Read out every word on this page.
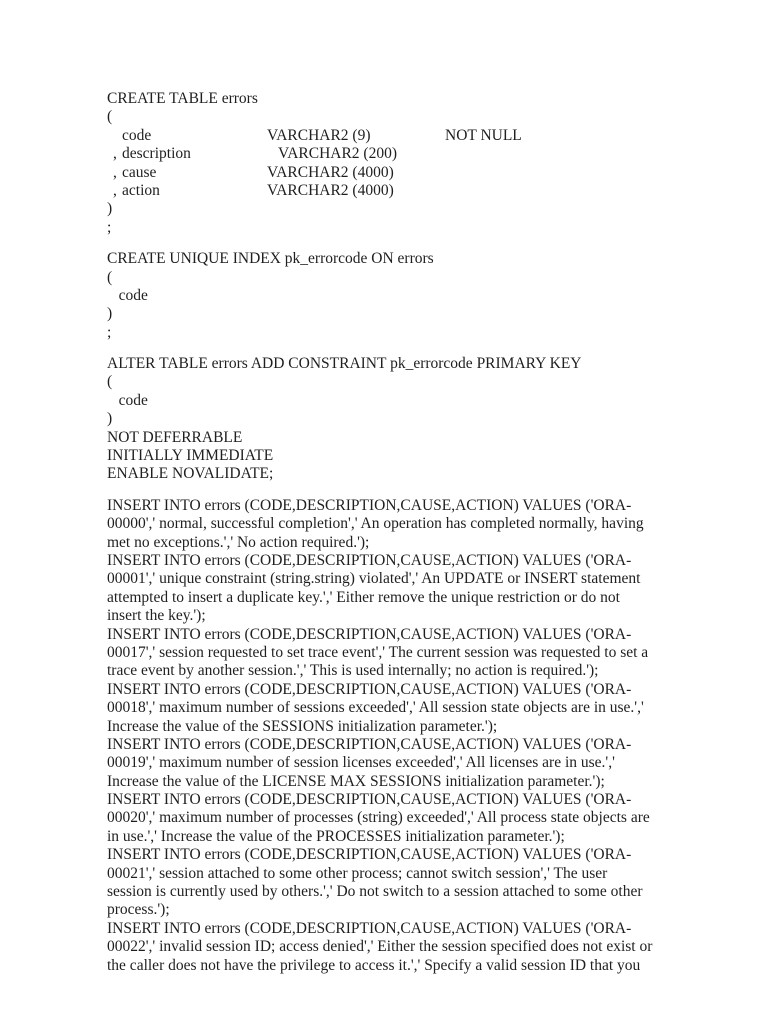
CREATE TABLE errors
(
code	VARCHAR2 (9)	NOT NULL
, description	VARCHAR2 (200)
, cause	VARCHAR2 (4000)
, action	VARCHAR2 (4000)
)
;
CREATE UNIQUE INDEX pk_errorcode ON errors
(
code
)
;
ALTER TABLE errors ADD CONSTRAINT pk_errorcode PRIMARY KEY
(
code
)
NOT DEFERRABLE
INITIALLY IMMEDIATE
ENABLE NOVALIDATE;
INSERT INTO errors (CODE,DESCRIPTION,CAUSE,ACTION) VALUES ('ORA-
00000',' normal, successful completion',' An operation has completed normally, having
met no exceptions.',' No action required.');
INSERT INTO errors (CODE,DESCRIPTION,CAUSE,ACTION) VALUES ('ORA-
00001',' unique constraint (string.string) violated',' An UPDATE or INSERT statement
attempted to insert a duplicate key.',' Either remove the unique restriction or do not
insert the key.');
INSERT INTO errors (CODE,DESCRIPTION,CAUSE,ACTION) VALUES ('ORA-
00017',' session requested to set trace event',' The current session was requested to set a
trace event by another session.',' This is used internally; no action is required.');
INSERT INTO errors (CODE,DESCRIPTION,CAUSE,ACTION) VALUES ('ORA-
00018',' maximum number of sessions exceeded',' All session state objects are in use.','
Increase the value of the SESSIONS initialization parameter.');
INSERT INTO errors (CODE,DESCRIPTION,CAUSE,ACTION) VALUES ('ORA-
00019',' maximum number of session licenses exceeded',' All licenses are in use.','
Increase the value of the LICENSE MAX SESSIONS initialization parameter.');
INSERT INTO errors (CODE,DESCRIPTION,CAUSE,ACTION) VALUES ('ORA-
00020',' maximum number of processes (string) exceeded',' All process state objects are
in use.',' Increase the value of the PROCESSES initialization parameter.');
INSERT INTO errors (CODE,DESCRIPTION,CAUSE,ACTION) VALUES ('ORA-
00021',' session attached to some other process; cannot switch session',' The user
session is currently used by others.',' Do not switch to a session attached to some other
process.');
INSERT INTO errors (CODE,DESCRIPTION,CAUSE,ACTION) VALUES ('ORA-
00022',' invalid session ID; access denied',' Either the session specified does not exist or
the caller does not have the privilege to access it.',' Specify a valid session ID that you
